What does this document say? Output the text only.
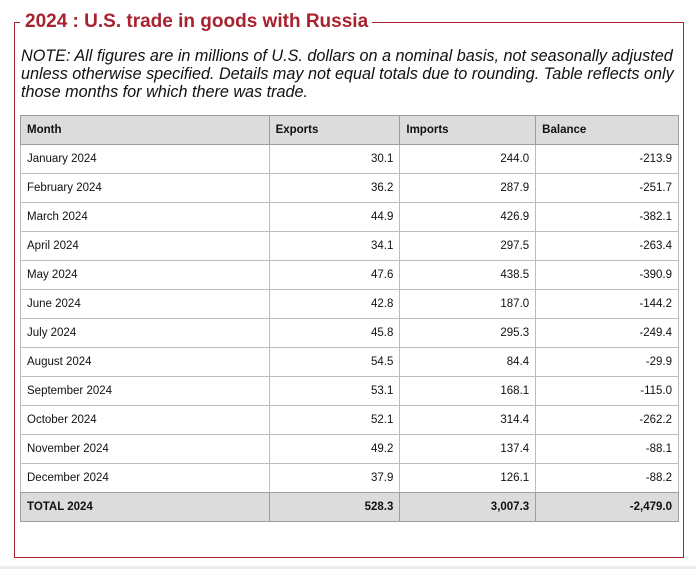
2024 : U.S. trade in goods with Russia
NOTE: All figures are in millions of U.S. dollars on a nominal basis, not seasonally adjusted unless otherwise specified. Details may not equal totals due to rounding. Table reflects only those months for which there was trade.
Month	Exports	Imports	Balance
January 2024	30.1	244.0	-213.9
February 2024	36.2	287.9	-251.7
March 2024	44.9	426.9	-382.1
April 2024	34.1	297.5	-263.4
May 2024	47.6	438.5	-390.9
June 2024	42.8	187.0	-144.2
July 2024	45.8	295.3	-249.4
August 2024	54.5	84.4	-29.9
September 2024	53.1	168.1	-115.0
October 2024	52.1	314.4	-262.2
November 2024	49.2	137.4	-88.1
December 2024	37.9	126.1	-88.2
TOTAL 2024	528.3	3,007.3	-2,479.0
